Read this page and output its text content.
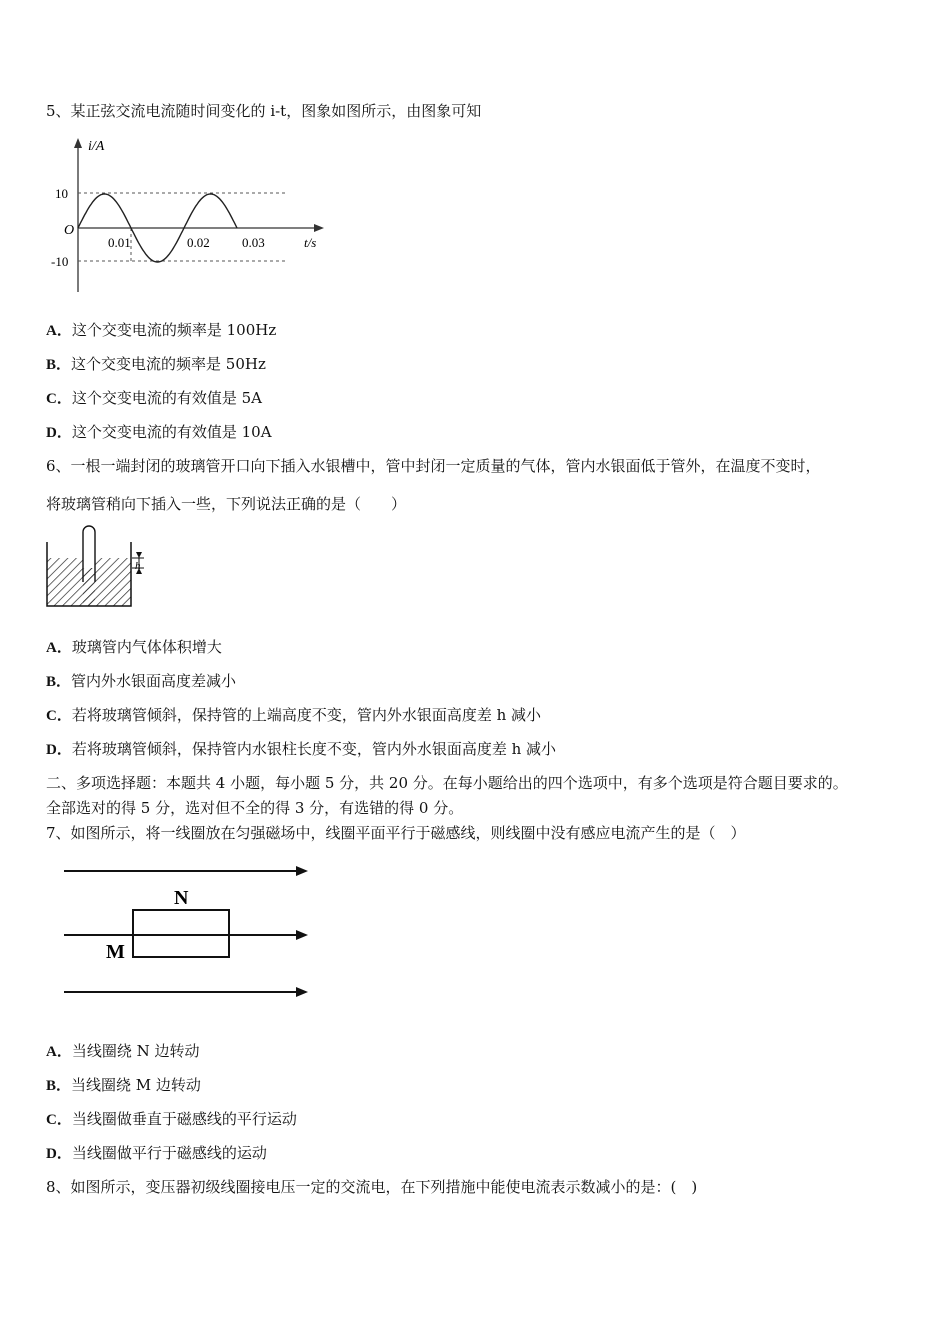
5、某正弦交流电流随时间变化的 i-t，图象如图所示，由图象可知
i/A
10
-10
O
0.01	0.02 0.03	t/s
A．这个交变电流的频率是 100Hz
B．这个交变电流的频率是 50Hz
C．这个交变电流的有效值是 5A
D．这个交变电流的有效值是 10A
6、一根一端封闭的玻璃管开口向下插入水银槽中，管中封闭一定质量的气体，管内水银面低于管外，在温度不变时，
将玻璃管稍向下插入一些，下列说法正确的是（　　）
h
A．玻璃管内气体体积增大
B．管内外水银面高度差减小
C．若将玻璃管倾斜，保持管的上端高度不变，管内外水银面高度差 h 减小
D．若将玻璃管倾斜，保持管内水银柱长度不变，管内外水银面高度差 h 减小
二、多项选择题：本题共 4 小题，每小题 5 分，共 20 分。在每小题给出的四个选项中，有多个选项是符合题目要求的。
全部选对的得 5 分，选对但不全的得 3 分，有选错的得 0 分。
7、如图所示，将一线圈放在匀强磁场中，线圈平面平行于磁感线，则线圈中没有感应电流产生的是（　）
N
M
A．当线圈绕 N 边转动
B．当线圈绕 M 边转动
C．当线圈做垂直于磁感线的平行运动
D．当线圈做平行于磁感线的运动
8、如图所示，变压器初级线圈接电压一定的交流电，在下列措施中能使电流表示数减小的是：(　)
